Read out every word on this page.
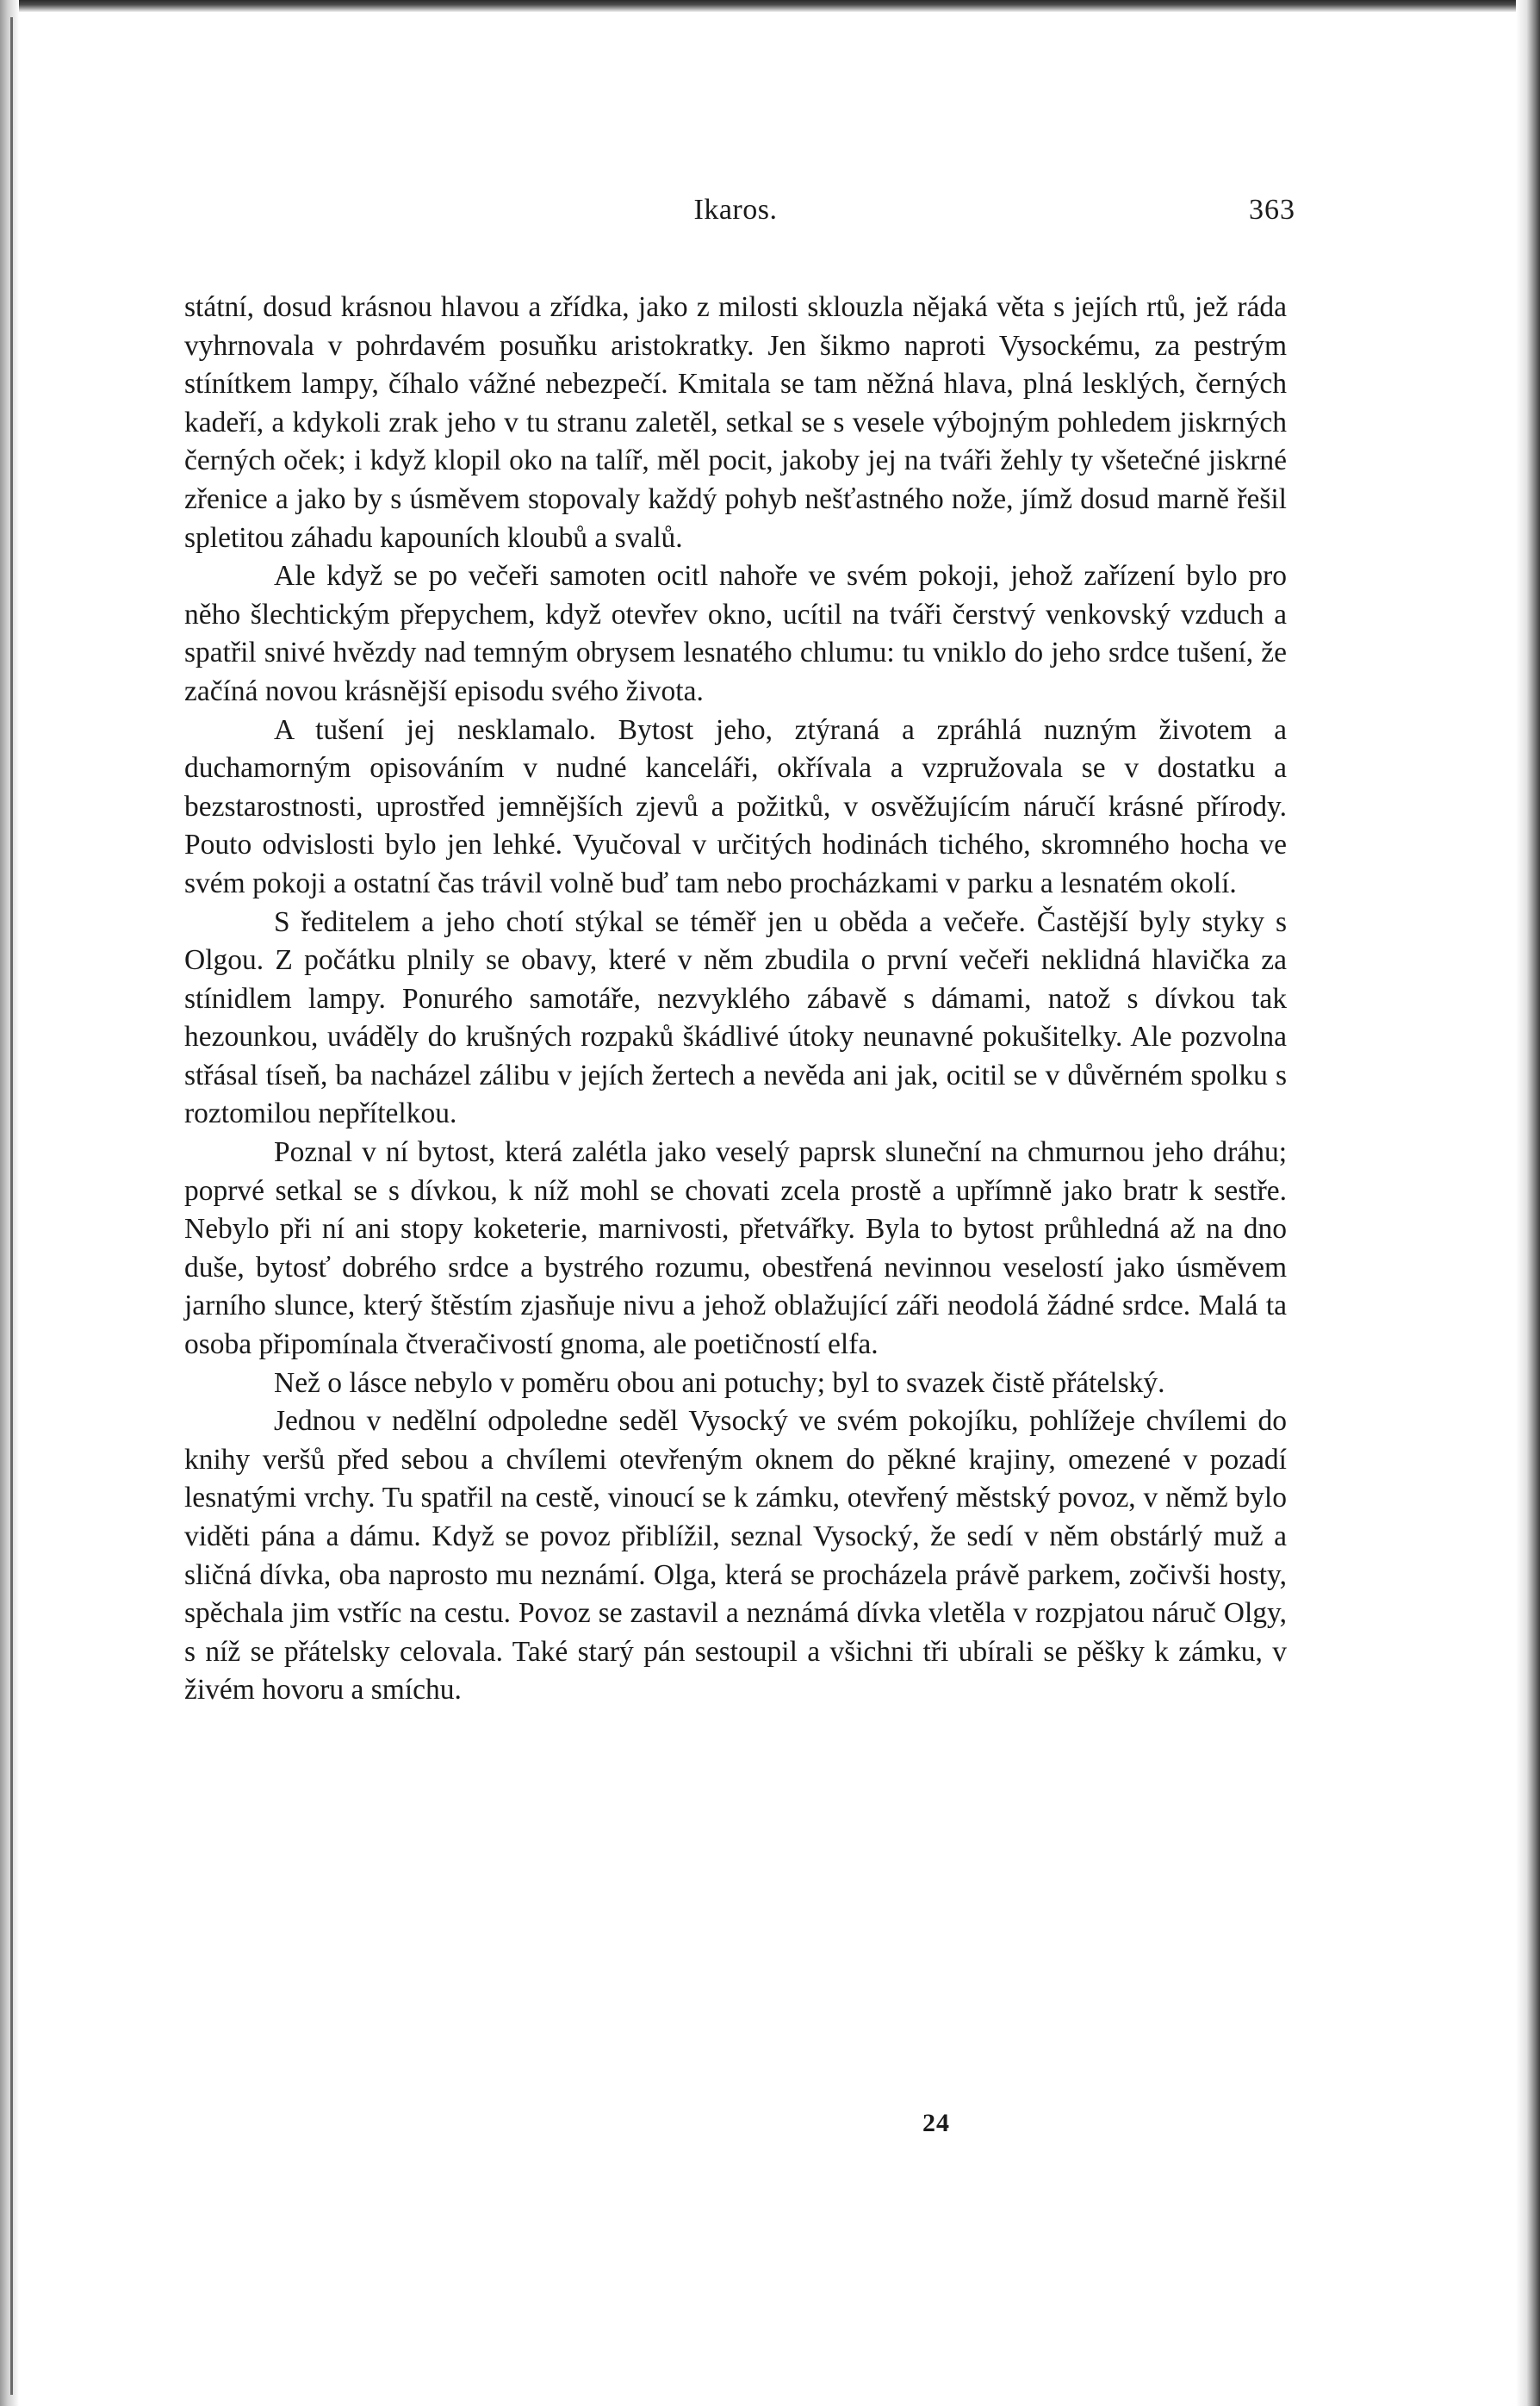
Ikaros.	363

státní, dosud krásnou hlavou a zřídka, jako z milosti sklouzla nějaká věta s jejích rtů, jež ráda vyhrnovala v pohrdavém posuňku aristokratky. Jen šikmo naproti Vysockému, za pestrým stínítkem lampy, číhalo vážné nebezpečí. Kmitala se tam něžná hlava, plná lesklých, černých kadeří, a kdykoli zrak jeho v tu stranu zaletěl, setkal se s vesele výbojným pohledem jiskrných černých oček; i když klopil oko na talíř, měl pocit, jakoby jej na tváři žehly ty všetečné jiskrné zřenice a jako by s úsměvem stopovaly každý pohyb nešťastného nože, jímž dosud marně řešil spletitou záhadu kapouních kloubů a svalů.

Ale když se po večeři samoten ocitl nahoře ve svém pokoji, jehož zařízení bylo pro něho šlechtickým přepychem, když otevřev okno, ucítil na tváři čerstvý venkovský vzduch a spatřil snivé hvězdy nad temným obrysem lesnatého chlumu: tu vniklo do jeho srdce tušení, že začíná novou krásnější episodu svého života.

A tušení jej nesklamalo. Bytost jeho, ztýraná a zpráhlá nuzným životem a duchamorným opisováním v nudné kanceláři, okřívala a vzpružovala se v dostatku a bezstarostnosti, uprostřed jemnějších zjevů a požitků, v osvěžujícím náručí krásné přírody. Pouto odvislosti bylo jen lehké. Vyučoval v určitých hodinách tichého, skromného hocha ve svém pokoji a ostatní čas trávil volně buď tam nebo procházkami v parku a lesnatém okolí.

S ředitelem a jeho chotí stýkal se téměř jen u oběda a večeře. Častější byly styky s Olgou. Z počátku plnily se obavy, které v něm zbudila o první večeři neklidná hlavička za stínidlem lampy. Ponurého samotáře, nezvyklého zábavě s dámami, natož s dívkou tak hezounkou, uváděly do krušných rozpaků škádlivé útoky neunavné pokušitelky. Ale pozvolna střásal tíseň, ba nacházel zálibu v jejích žertech a nevěda ani jak, ocitil se v důvěrném spolku s roztomilou nepřítelkou.

Poznal v ní bytost, která zalétla jako veselý paprsk sluneční na chmurnou jeho dráhu; poprvé setkal se s dívkou, k níž mohl se chovati zcela prostě a upřímně jako bratr k sestře. Nebylo při ní ani stopy koketerie, marnivosti, přetvářky. Byla to bytost průhledná až na dno duše, bytosť dobrého srdce a bystrého rozumu, obestřená nevinnou veselostí jako úsměvem jarního slunce, který štěstím zjasňuje nivu a jehož oblažující záři neodolá žádné srdce. Malá ta osoba připomínala čtveračivostí gnoma, ale poetičností elfa.

Než o lásce nebylo v poměru obou ani potuchy; byl to svazek čistě přátelský.

Jednou v nedělní odpoledne seděl Vysocký ve svém pokojíku, pohlížeje chvílemi do knihy veršů před sebou a chvílemi otevřeným oknem do pěkné krajiny, omezené v pozadí lesnatými vrchy. Tu spatřil na cestě, vinoucí se k zámku, otevřený městský povoz, v němž bylo viděti pána a dámu. Když se povoz přiblížil, seznal Vysocký, že sedí v něm obstárlý muž a sličná dívka, oba naprosto mu neznámí. Olga, která se procházela právě parkem, zočivši hosty, spěchala jim vstříc na cestu. Povoz se zastavil a neznámá dívka vletěla v rozpjatou náruč Olgy, s níž se přátelsky celovala. Také starý pán sestoupil a všichni tři ubírali se pěšky k zámku, v živém hovoru a smíchu.

24
